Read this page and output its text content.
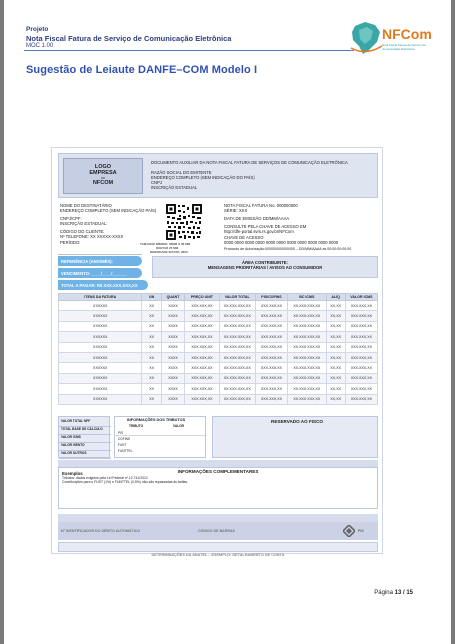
Projeto
Nota Fiscal Fatura de Serviço de Comunicação Eletrônica
MOC 1.00
NFCom
Nota Fiscal Fatura de Serviço de Comunicação Eletrônica
Sugestão de Leiaute DANFE–COM Modelo I
LOGO
EMPRESA
ou
NFCOM
DOCUMENTO AUXILIAR DA NOTA FISCAL FATURA DE SERVIÇOS DE COMUNICAÇÃO ELETRÔNICA
RAZÃO SOCIAL DO EMITENTE
ENDEREÇO COMPLETO (SEM INDICAÇÃO DO PAÍS)
CNPJ
INSCRIÇÃO ESTADUAL
NOME DO DESTINATÁRIO
ENDEREÇO COMPLETO (SEM INDICAÇÃO PAÍS)
CNPJ/CPF:
INSCRIÇÃO ESTADUAL:
CÓDIGO DO CLIENTE:
Nº TELEFONE: XX XXXXX-XXXX
PERÍODO:	TAMANHO MÍNIMO: 36MM X 36 MM
DIGITAR 25 MM
DENSIDADE 600 DPI, 9600
NOTA FISCAL FATURA No. 000000000
SÉRIE: XXX
DATA DE EMISSÃO DD/MM/AAAA
CONSULTE PELA CHAVE DE ACESSO EM
http://dfe-portal.svrs.rs.gov.br/NFCom
CHAVE DE ACESSO
0000 0000 0000 0000 0000 0000 0000 0000 0000 0000 0000
Protocolo de Autorização:000000000000000 – DD/MM/AAAA às 00:00:00:00:00
REFERÊNCIA (ANO/MÊS):
VENCIMENTO: ____/____/______
TOTAL A PAGAR: R$ XXX.XXX.XXX,XX
ÁREA CONTRIBUINTE:
MENSAGENS PRIORITÁRIAS / AVISOS AO CONSUMIDOR
ITENS DA FATURA	UN	QUANT	PREÇO UNIT	VALOR TOTAL	PIS/COFINS	BC ICMS	ALÍQ	VALOR ICMS
XXXXXX	XX	XXXX	XXX.XXX,XX	XX.XXX.XXX,XX	XXX.XXX,XX	XX.XXX.XXX,XX	XX,XX	XXX.XXX,XX
XXXXXX	XX	XXXX	XXX.XXX,XX	XX.XXX.XXX,XX	XXX.XXX,XX	XX.XXX.XXX,XX	XX,XX	XXX.XXX,XX
XXXXXX	XX	XXXX	XXX.XXX,XX	XX.XXX.XXX,XX	XXX.XXX,XX	XX.XXX.XXX,XX	XX,XX	XXX.XXX,XX
XXXXXX	XX	XXXX	XXX.XXX,XX	XX.XXX.XXX,XX	XXX.XXX,XX	XX.XXX.XXX,XX	XX,XX	XXX.XXX,XX
XXXXXX	XX	XXXX	XXX.XXX,XX	XX.XXX.XXX,XX	XXX.XXX,XX	XX.XXX.XXX,XX	XX,XX	XXX.XXX,XX
XXXXXX	XX	XXXX	XXX.XXX,XX	XX.XXX.XXX,XX	XXX.XXX,XX	XX.XXX.XXX,XX	XX,XX	XXX.XXX,XX
XXXXXX	XX	XXXX	XXX.XXX,XX	XX.XXX.XXX,XX	XXX.XXX,XX	XX.XXX.XXX,XX	XX,XX	XXX.XXX,XX
XXXXXX	XX	XXXX	XXX.XXX,XX	XX.XXX.XXX,XX	XXX.XXX,XX	XX.XXX.XXX,XX	XX,XX	XXX.XXX,XX
XXXXXX	XX	XXXX	XXX.XXX,XX	XX.XXX.XXX,XX	XXX.XXX,XX	XX.XXX.XXX,XX	XX,XX	XXX.XXX,XX
XXXXXX	XX	XXXX	XXX.XXX,XX	XX.XXX.XXX,XX	XXX.XXX,XX	XX.XXX.XXX,XX	XX,XX	XXX.XXX,XX
VALOR TOTAL NFF
TOTAL BASE DE CÁLCULO
VALOR ICMS
VALOR ISENTO
VALOR OUTROS
INFORMAÇÕES DOS TRIBUTOS
TRIBUTO	VALOR
PIS
COFINS
FUST
FUNTTEL
RESERVADO AO FISCO
INFORMAÇÕES COMPLEMENTARES
Exemplos
Tributos: dados exigidos pela Lei Federal nº 12.741/2012
Contribuições para o FUST (1%) e FUNTTEL (0,5%) não são repassadas às tarifas.
Nº IDENTIFICADOR DO DÉBITO AUTOMÁTICO	CÓDIGO DE BARRAS	PIX
DETERMINAÇÕES DA ANATEL – EXEMPLO: DETALHAMENTO DE CONTA
Página 13 / 15
